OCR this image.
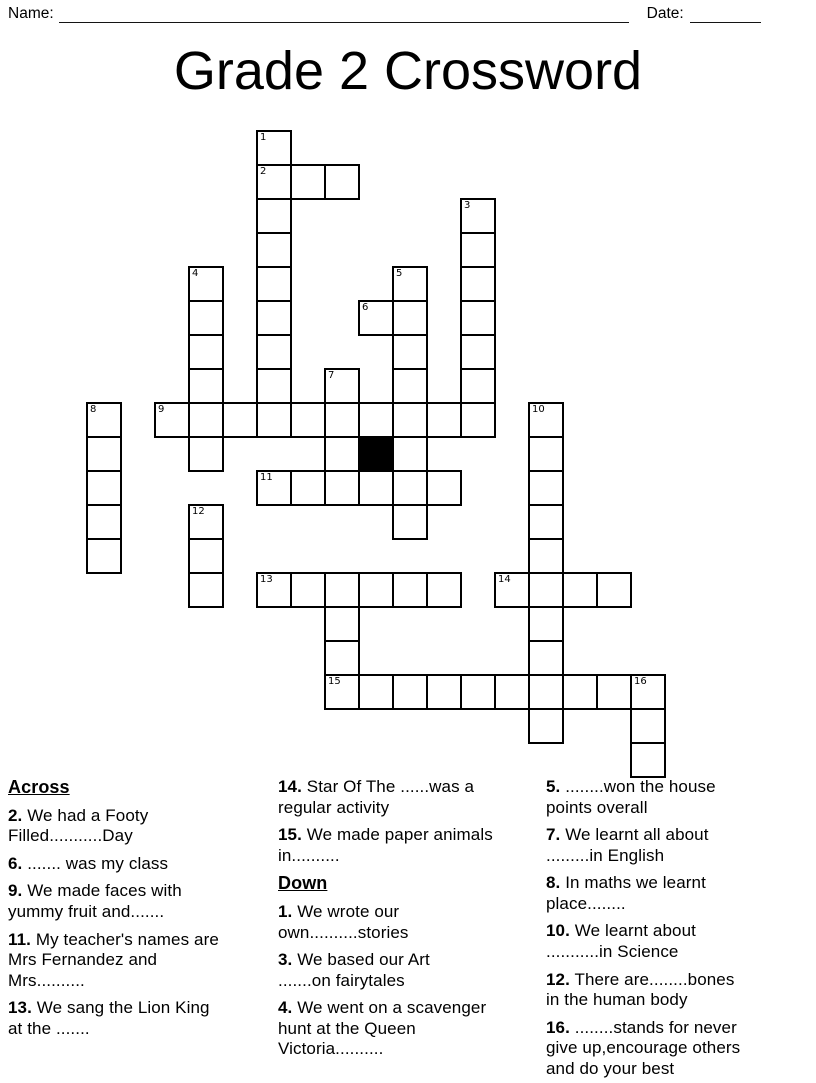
Name:	Date:
Grade 2 Crossword
1
2
3
4	5
6
7
8	9	10
11
12
13	14
15	16
Across

2. We had a Footy
Filled...........Day

6. ....... was my class

9. We made faces with
yummy fruit and.......

11. My teacher's names are
Mrs Fernandez and
Mrs..........

13. We sang the Lion King
at the .......

14. Star Of The ......was a
regular activity

15. We made paper animals
in..........

Down

1. We wrote our
own..........stories

3. We based our Art
.......on fairytales

4. We went on a scavenger
hunt at the Queen
Victoria..........

5. ........won the house
points overall

7. We learnt all about
.........in English

8. In maths we learnt
place........

10. We learnt about
...........in Science

12. There are........bones
in the human body

16. ........stands for never
give up,encourage others
and do your best
